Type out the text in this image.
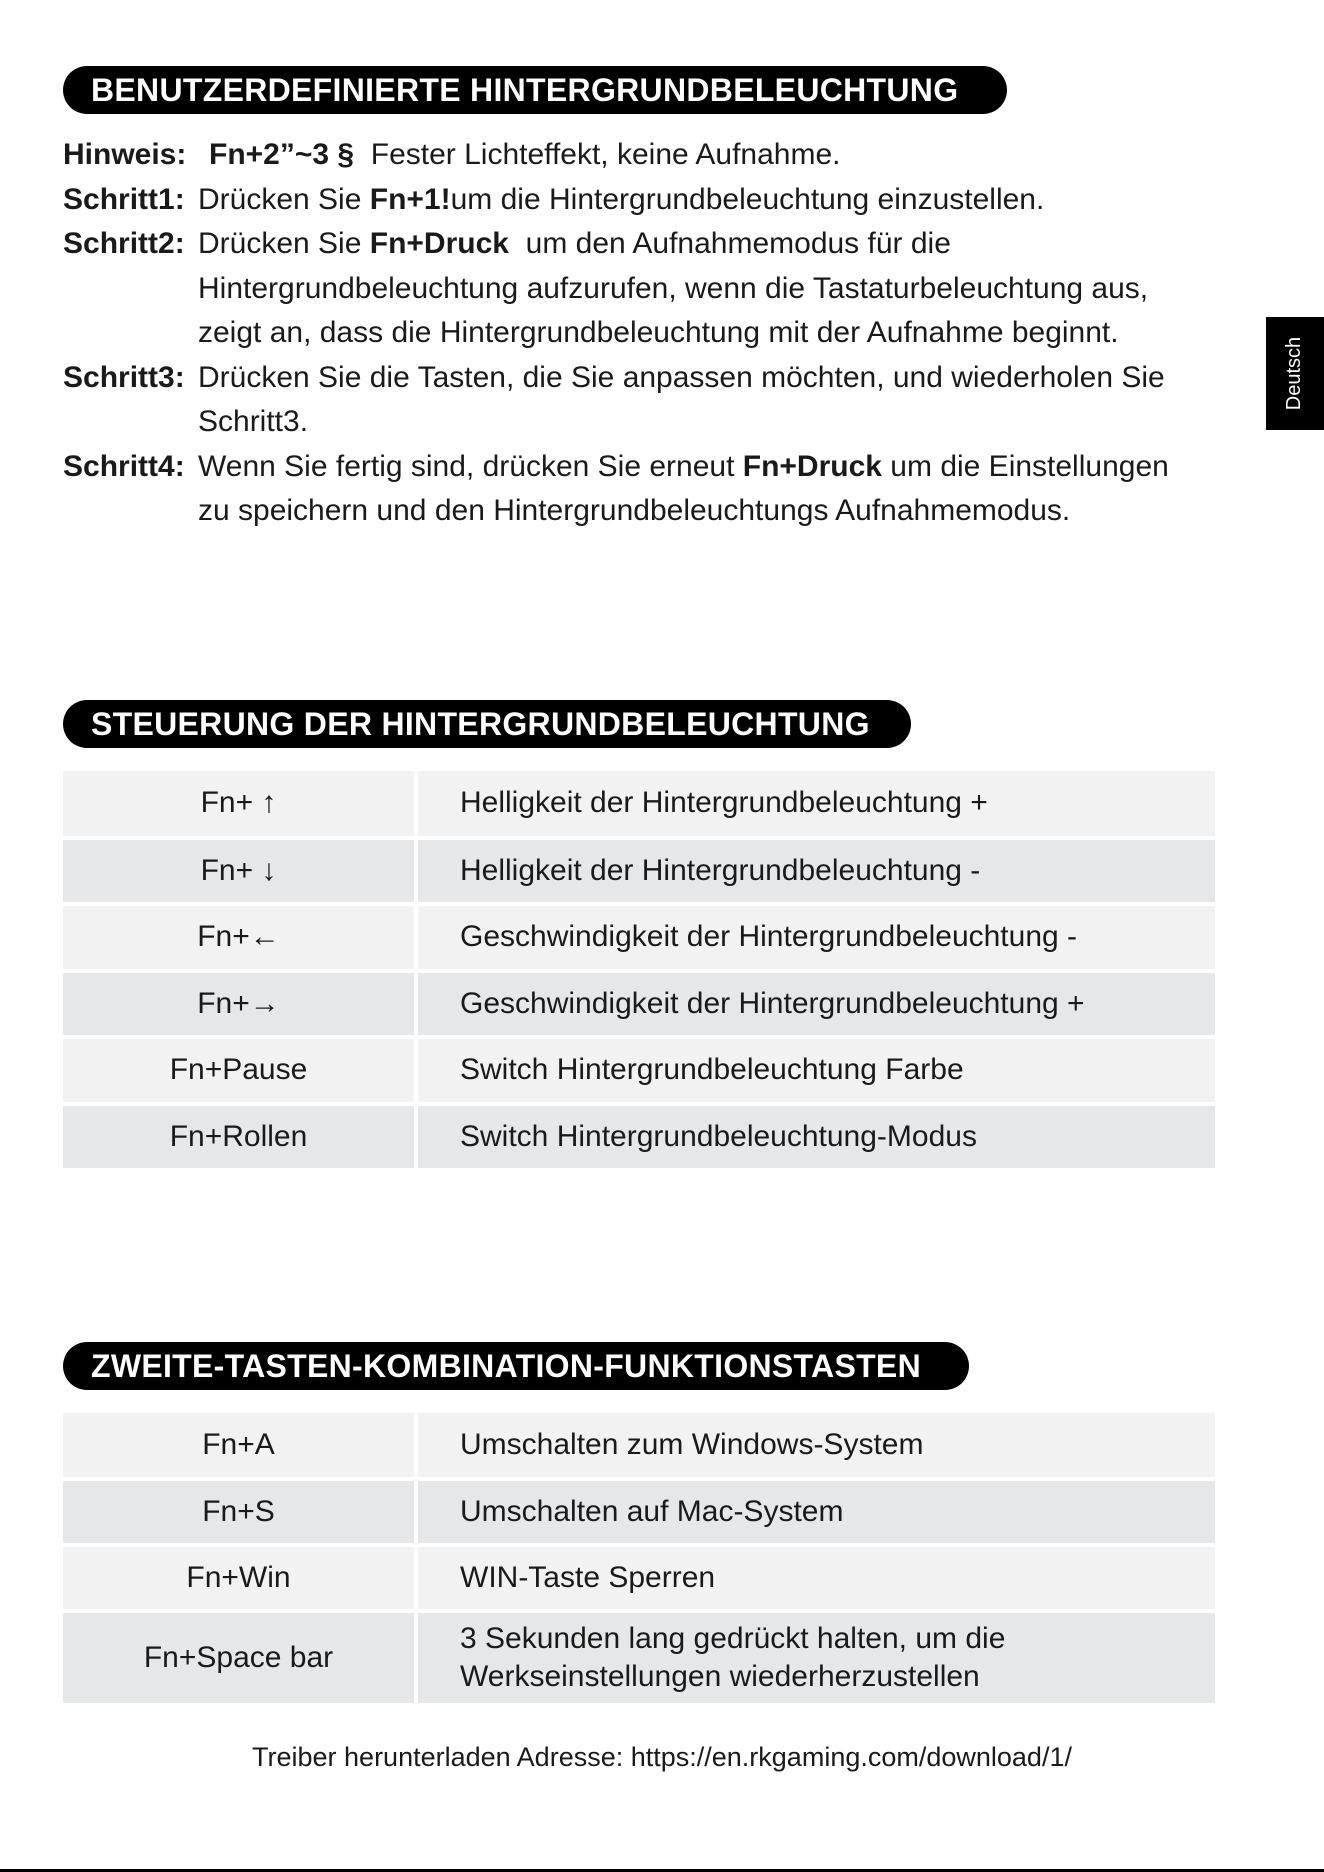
BENUTZERDEFINIERTE HINTERGRUNDBELEUCHTUNG
Hinweis: Fn+2”~3 § Fester Lichteffekt, keine Aufnahme.
Schritt1: Drücken Sie Fn+1!um die Hintergrundbeleuchtung einzustellen.
Schritt2: Drücken Sie Fn+Druck  um den Aufnahmemodus für die
Hintergrundbeleuchtung aufzurufen, wenn die Tastaturbeleuchtung aus,
zeigt an, dass die Hintergrundbeleuchtung mit der Aufnahme beginnt.
Schritt3: Drücken Sie die Tasten, die Sie anpassen möchten, und wiederholen Sie
Schritt3.
Schritt4: Wenn Sie fertig sind, drücken Sie erneut Fn+Druck um die Einstellungen
zu speichern und den Hintergrundbeleuchtungs Aufnahmemodus.
Deutsch
STEUERUNG DER HINTERGRUNDBELEUCHTUNG
Fn+ ↑	Helligkeit der Hintergrundbeleuchtung +
Fn+ ↓	Helligkeit der Hintergrundbeleuchtung -
Fn+←	Geschwindigkeit der Hintergrundbeleuchtung -
Fn+→	Geschwindigkeit der Hintergrundbeleuchtung +
Fn+Pause	Switch Hintergrundbeleuchtung Farbe
Fn+Rollen	Switch Hintergrundbeleuchtung-Modus
ZWEITE-TASTEN-KOMBINATION-FUNKTIONSTASTEN
Fn+A	Umschalten zum Windows-System
Fn+S	Umschalten auf Mac-System
Fn+Win	WIN-Taste Sperren
Fn+Space bar	3 Sekunden lang gedrückt halten, um die
Werkseinstellungen wiederherzustellen
Treiber herunterladen Adresse: https://en.rkgaming.com/download/1/
